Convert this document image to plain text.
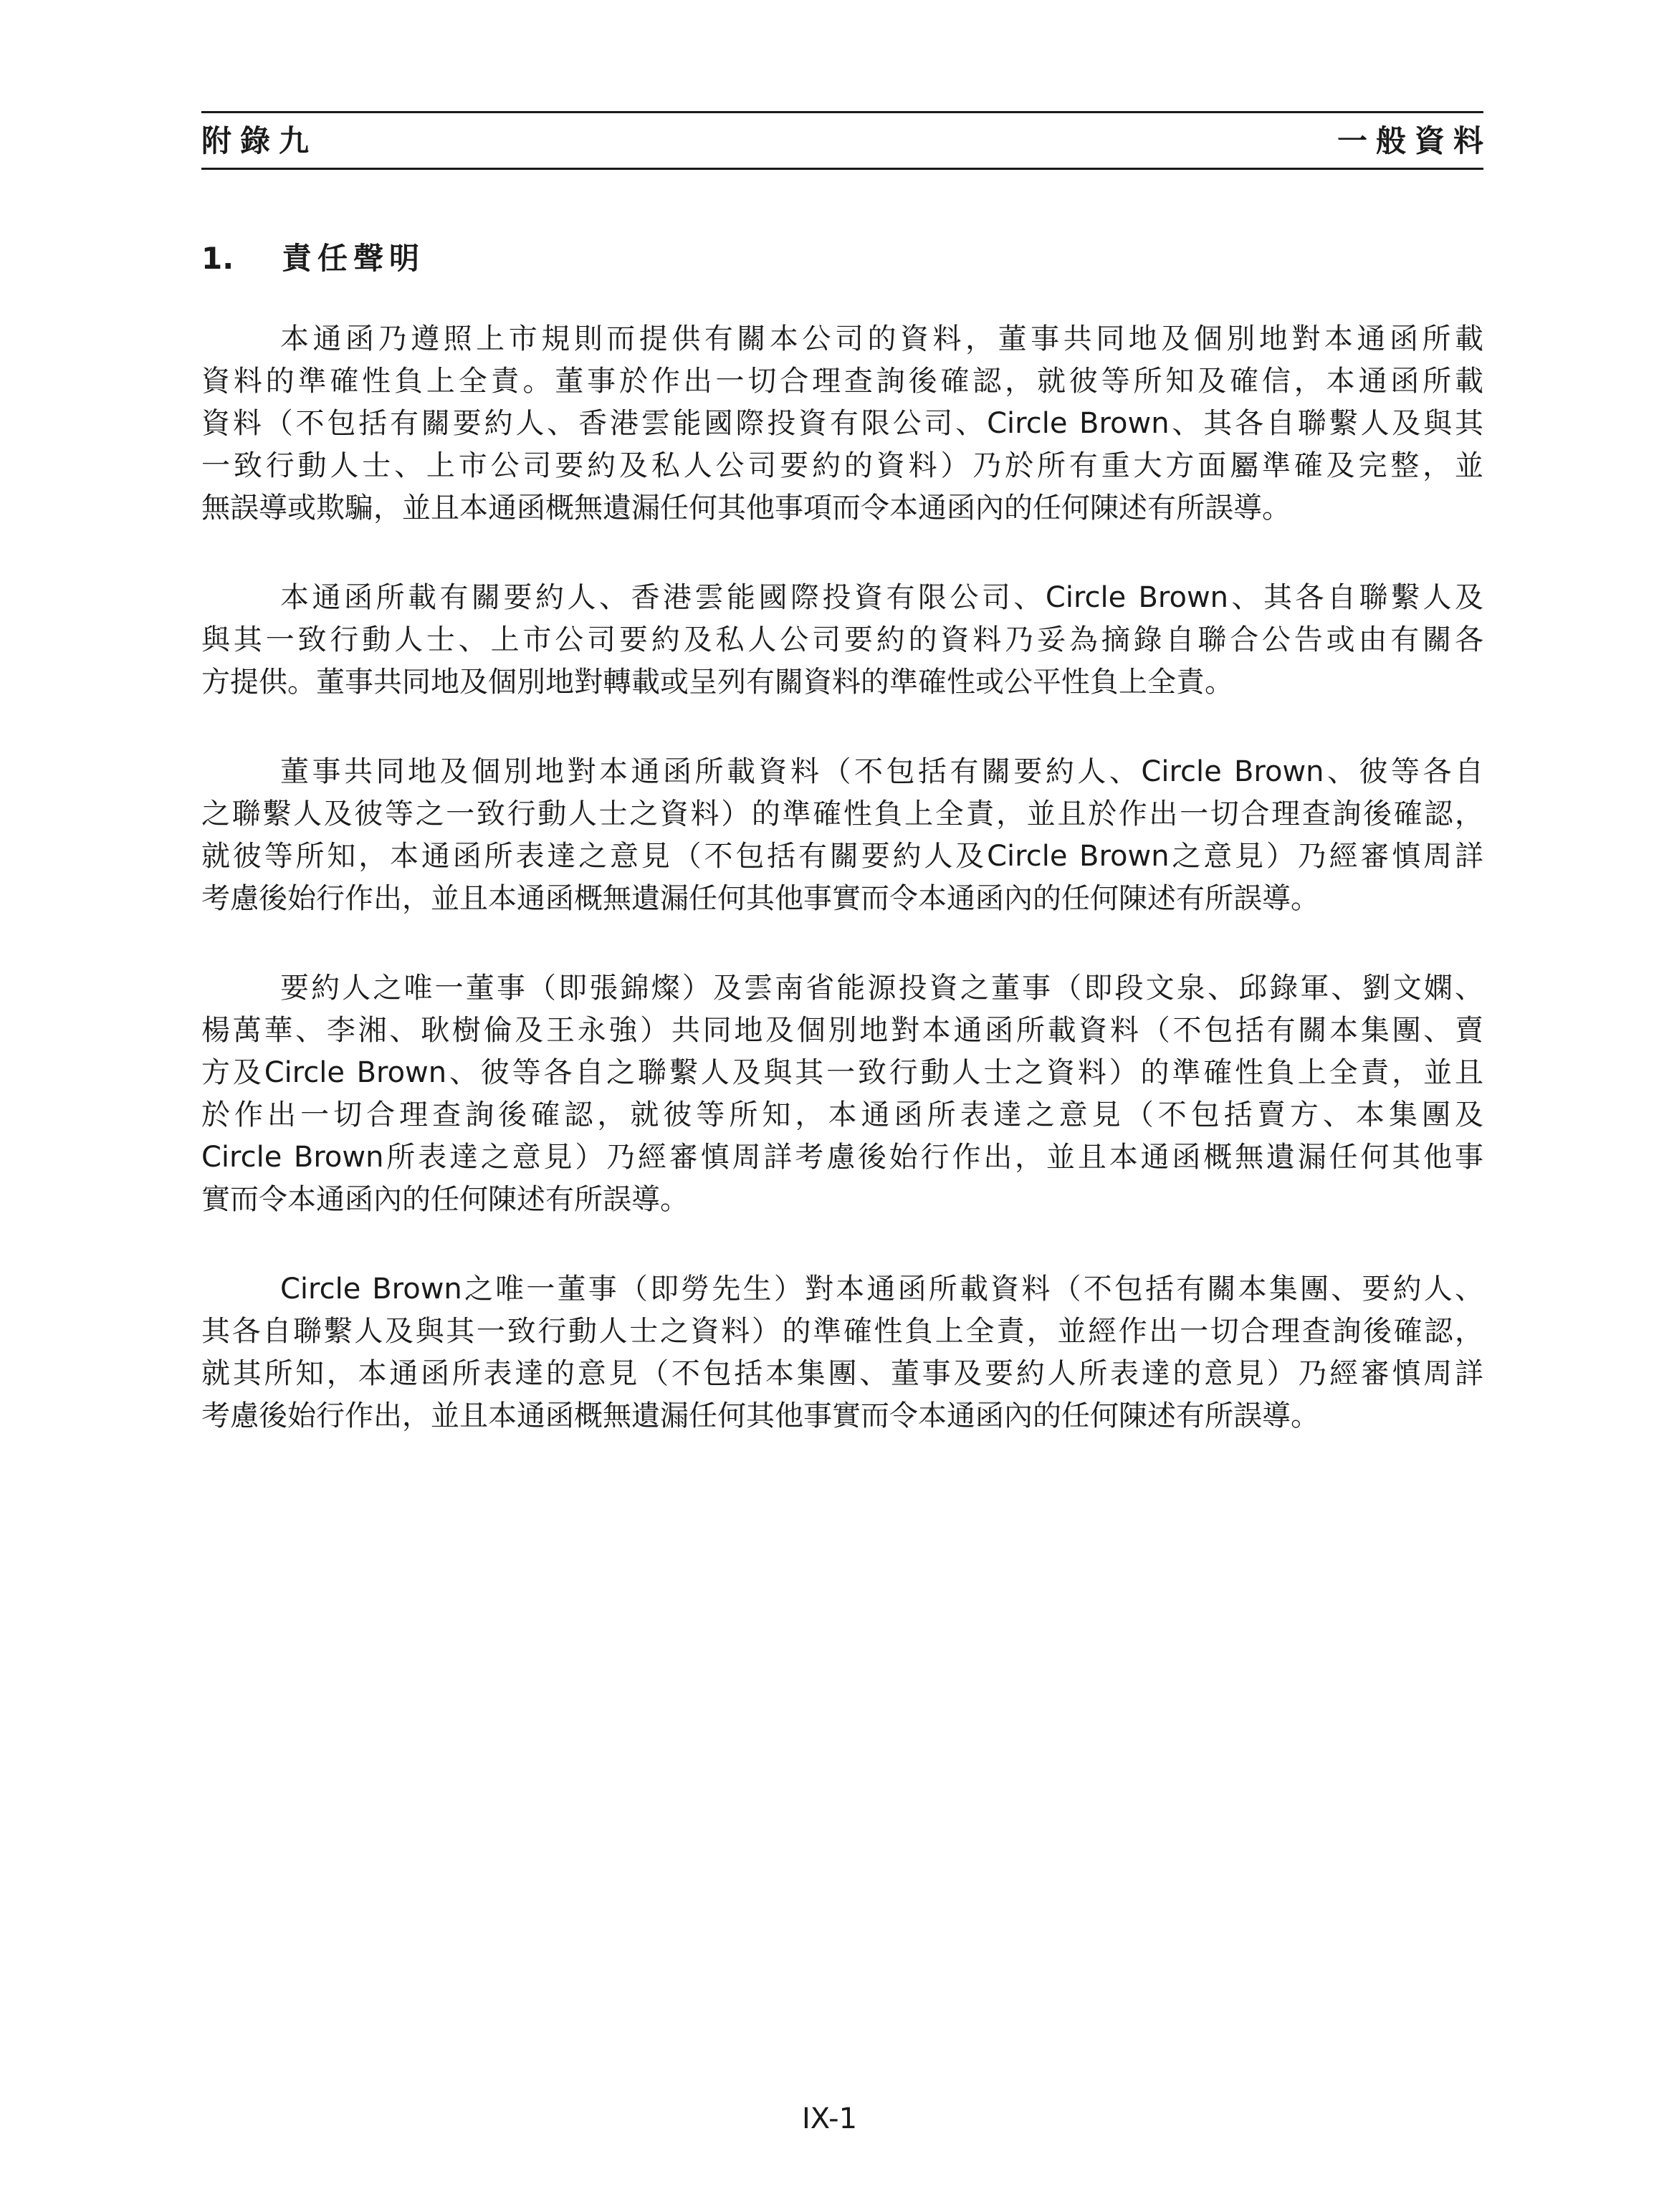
附錄九	一般資料
1. 責任聲明
本通函乃遵照上市規則而提供有關本公司的資料，董事共同地及個別地對本通函所載
資料的準確性負上全責。董事於作出一切合理查詢後確認，就彼等所知及確信，本通函所載
資料（不包括有關要約人、香港雲能國際投資有限公司、Circle Brown、其各自聯繫人及與其
一致行動人士、上市公司要約及私人公司要約的資料）乃於所有重大方面屬準確及完整，並
無誤導或欺騙，並且本通函概無遺漏任何其他事項而令本通函內的任何陳述有所誤導。
本通函所載有關要約人、香港雲能國際投資有限公司、Circle Brown、其各自聯繫人及
與其一致行動人士、上市公司要約及私人公司要約的資料乃妥為摘錄自聯合公告或由有關各
方提供。董事共同地及個別地對轉載或呈列有關資料的準確性或公平性負上全責。
董事共同地及個別地對本通函所載資料（不包括有關要約人、Circle Brown、彼等各自
之聯繫人及彼等之一致行動人士之資料）的準確性負上全責，並且於作出一切合理查詢後確認，
就彼等所知，本通函所表達之意見（不包括有關要約人及Circle Brown之意見）乃經審慎周詳
考慮後始行作出，並且本通函概無遺漏任何其他事實而令本通函內的任何陳述有所誤導。
要約人之唯一董事（即張錦燦）及雲南省能源投資之董事（即段文泉、邱錄軍、劉文嫻、
楊萬華、李湘、耿樹倫及王永強）共同地及個別地對本通函所載資料（不包括有關本集團、賣
方及Circle Brown、彼等各自之聯繫人及與其一致行動人士之資料）的準確性負上全責，並且
於作出一切合理查詢後確認，就彼等所知，本通函所表達之意見（不包括賣方、本集團及
Circle Brown所表達之意見）乃經審慎周詳考慮後始行作出，並且本通函概無遺漏任何其他事
實而令本通函內的任何陳述有所誤導。
Circle Brown之唯一董事（即勞先生）對本通函所載資料（不包括有關本集團、要約人、
其各自聯繫人及與其一致行動人士之資料）的準確性負上全責，並經作出一切合理查詢後確認，
就其所知，本通函所表達的意見（不包括本集團、董事及要約人所表達的意見）乃經審慎周詳
考慮後始行作出，並且本通函概無遺漏任何其他事實而令本通函內的任何陳述有所誤導。
IX-1
